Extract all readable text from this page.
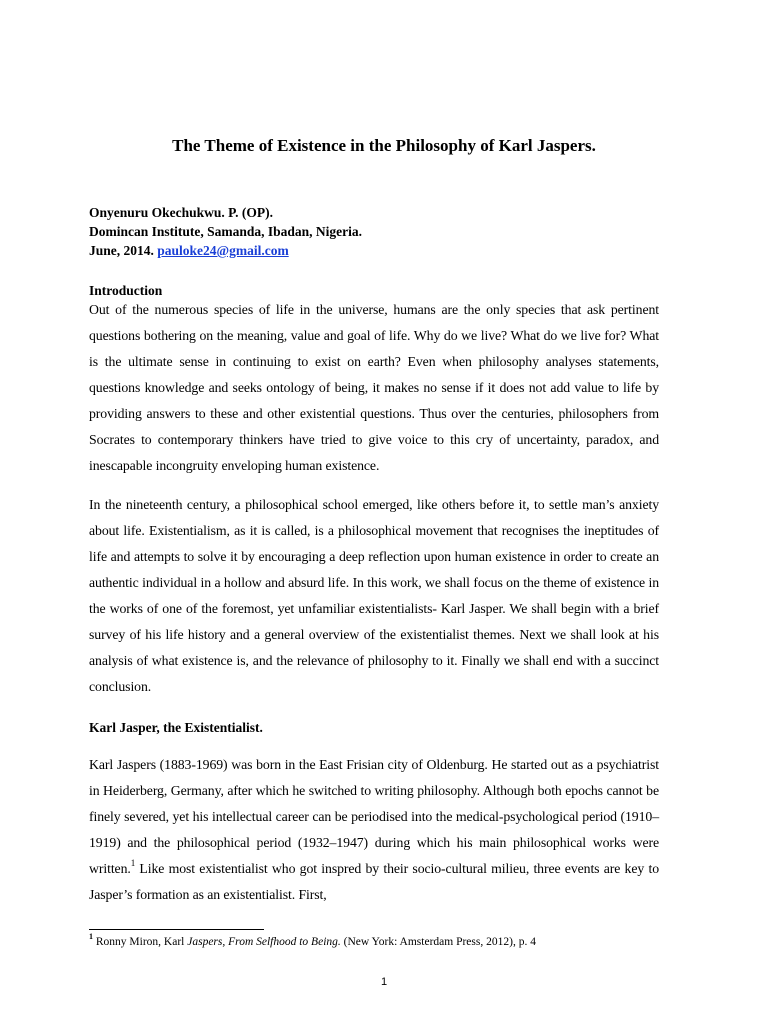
The Theme of Existence in the Philosophy of Karl Jaspers.
Onyenuru Okechukwu. P. (OP).
Domincan Institute, Samanda, Ibadan, Nigeria.
June, 2014. pauloke24@gmail.com
Introduction
Out of the numerous species of life in the universe, humans are the only species that ask pertinent questions bothering on the meaning, value and goal of life. Why do we live? What do we live for? What is the ultimate sense in continuing to exist on earth? Even when philosophy analyses statements, questions knowledge and seeks ontology of being, it makes no sense if it does not add value to life by providing answers to these and other existential questions. Thus over the centuries, philosophers from Socrates to contemporary thinkers have tried to give voice to this cry of uncertainty, paradox, and inescapable incongruity enveloping human existence.
In the nineteenth century, a philosophical school emerged, like others before it, to settle man’s anxiety about life. Existentialism, as it is called, is a philosophical movement that recognises the ineptitudes of life and attempts to solve it by encouraging a deep reflection upon human existence in order to create an authentic individual in a hollow and absurd life. In this work, we shall focus on the theme of existence in the works of one of the foremost, yet unfamiliar existentialists- Karl Jasper. We shall begin with a brief survey of his life history and a general overview of the existentialist themes. Next we shall look at his analysis of what existence is, and the relevance of philosophy to it. Finally we shall end with a succinct conclusion.
Karl Jasper, the Existentialist.
Karl Jaspers (1883-1969) was born in the East Frisian city of Oldenburg. He started out as a psychiatrist in Heiderberg, Germany, after which he switched to writing philosophy. Although both epochs cannot be finely severed, yet his intellectual career can be periodised into the medical-psychological period (1910–1919) and the philosophical period (1932–1947) during which his main philosophical works were written.$^1$ Like most existentialist who got inspred by their socio-cultural milieu, three events are key to Jasper’s formation as an existentialist. First,
$^1$ Ronny Miron, Karl Jaspers, From Selfhood to Being. (New York: Amsterdam Press, 2012), p. 4
1
